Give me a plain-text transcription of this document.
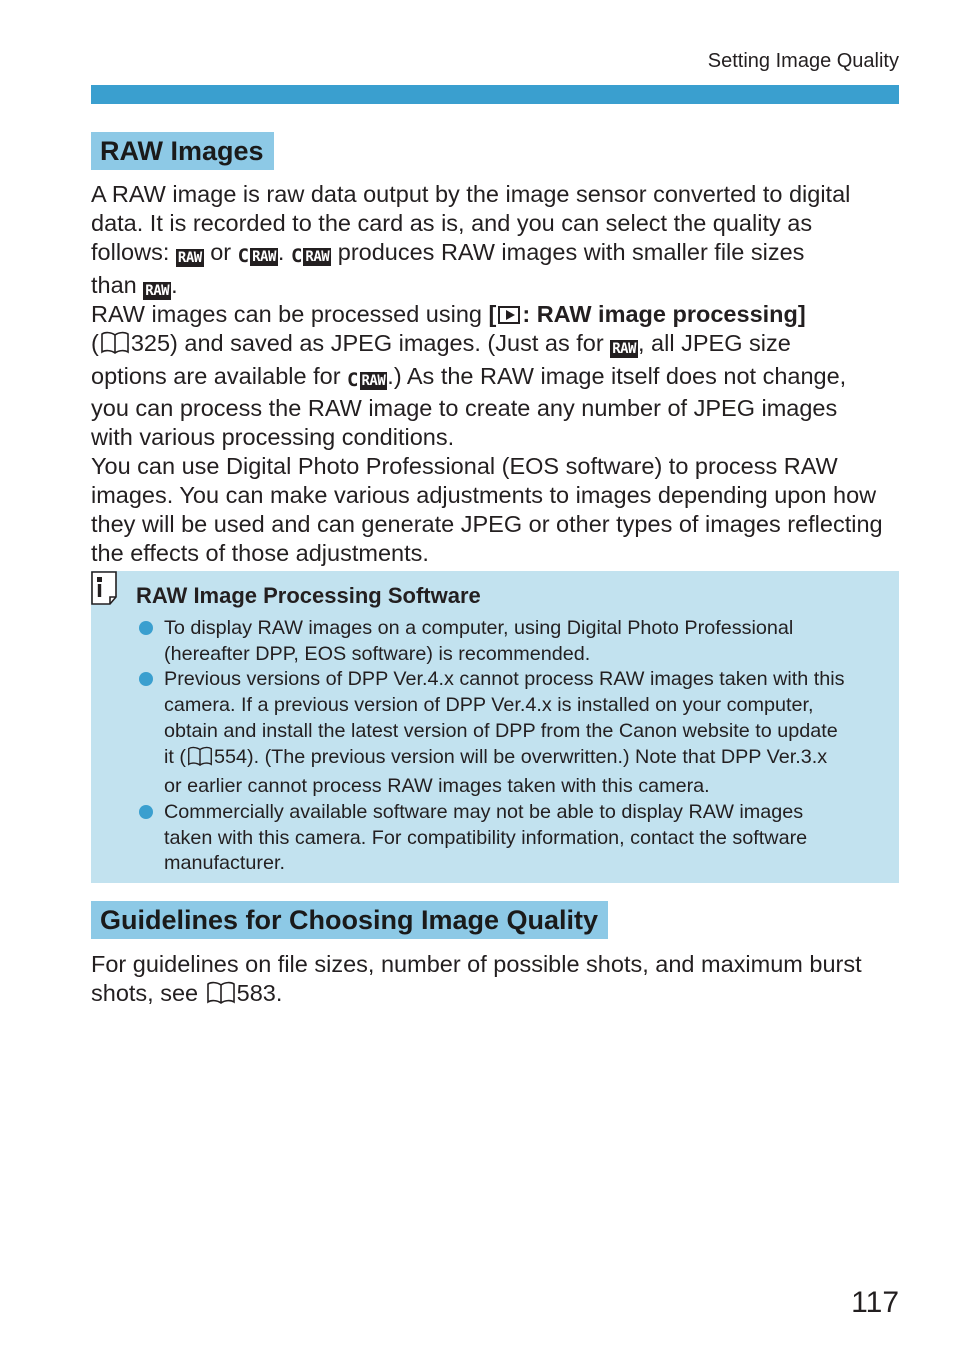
Setting Image Quality
RAW Images

A RAW image is raw data output by the image sensor converted to digital

data. It is recorded to the card as is, and you can select the quality as

follows: RAW or C RAW. C RAW produces RAW images with smaller file sizes

than RAW.

RAW images can be processed using [ : RAW image processing]

( 325) and saved as JPEG images. (Just as for RAW, all JPEG size

options are available for C RAW.) As the RAW image itself does not change,

you can process the RAW image to create any number of JPEG images

with various processing conditions.

You can use Digital Photo Professional (EOS software) to process RAW

images. You can make various adjustments to images depending upon how

they will be used and can generate JPEG or other types of images reflecting

the effects of those adjustments.

RAW Image Processing Software
To display RAW images on a computer, using Digital Photo Professional
(hereafter DPP, EOS software) is recommended.
Previous versions of DPP Ver.4.x cannot process RAW images taken with this
camera. If a previous version of DPP Ver.4.x is installed on your computer,
obtain and install the latest version of DPP from the Canon website to update
it ( 554). (The previous version will be overwritten.) Note that DPP Ver.3.x
or earlier cannot process RAW images taken with this camera.
Commercially available software may not be able to display RAW images
taken with this camera. For compatibility information, contact the software
manufacturer.
Guidelines for Choosing Image Quality

For guidelines on file sizes, number of possible shots, and maximum burst

shots, see 583.

117
